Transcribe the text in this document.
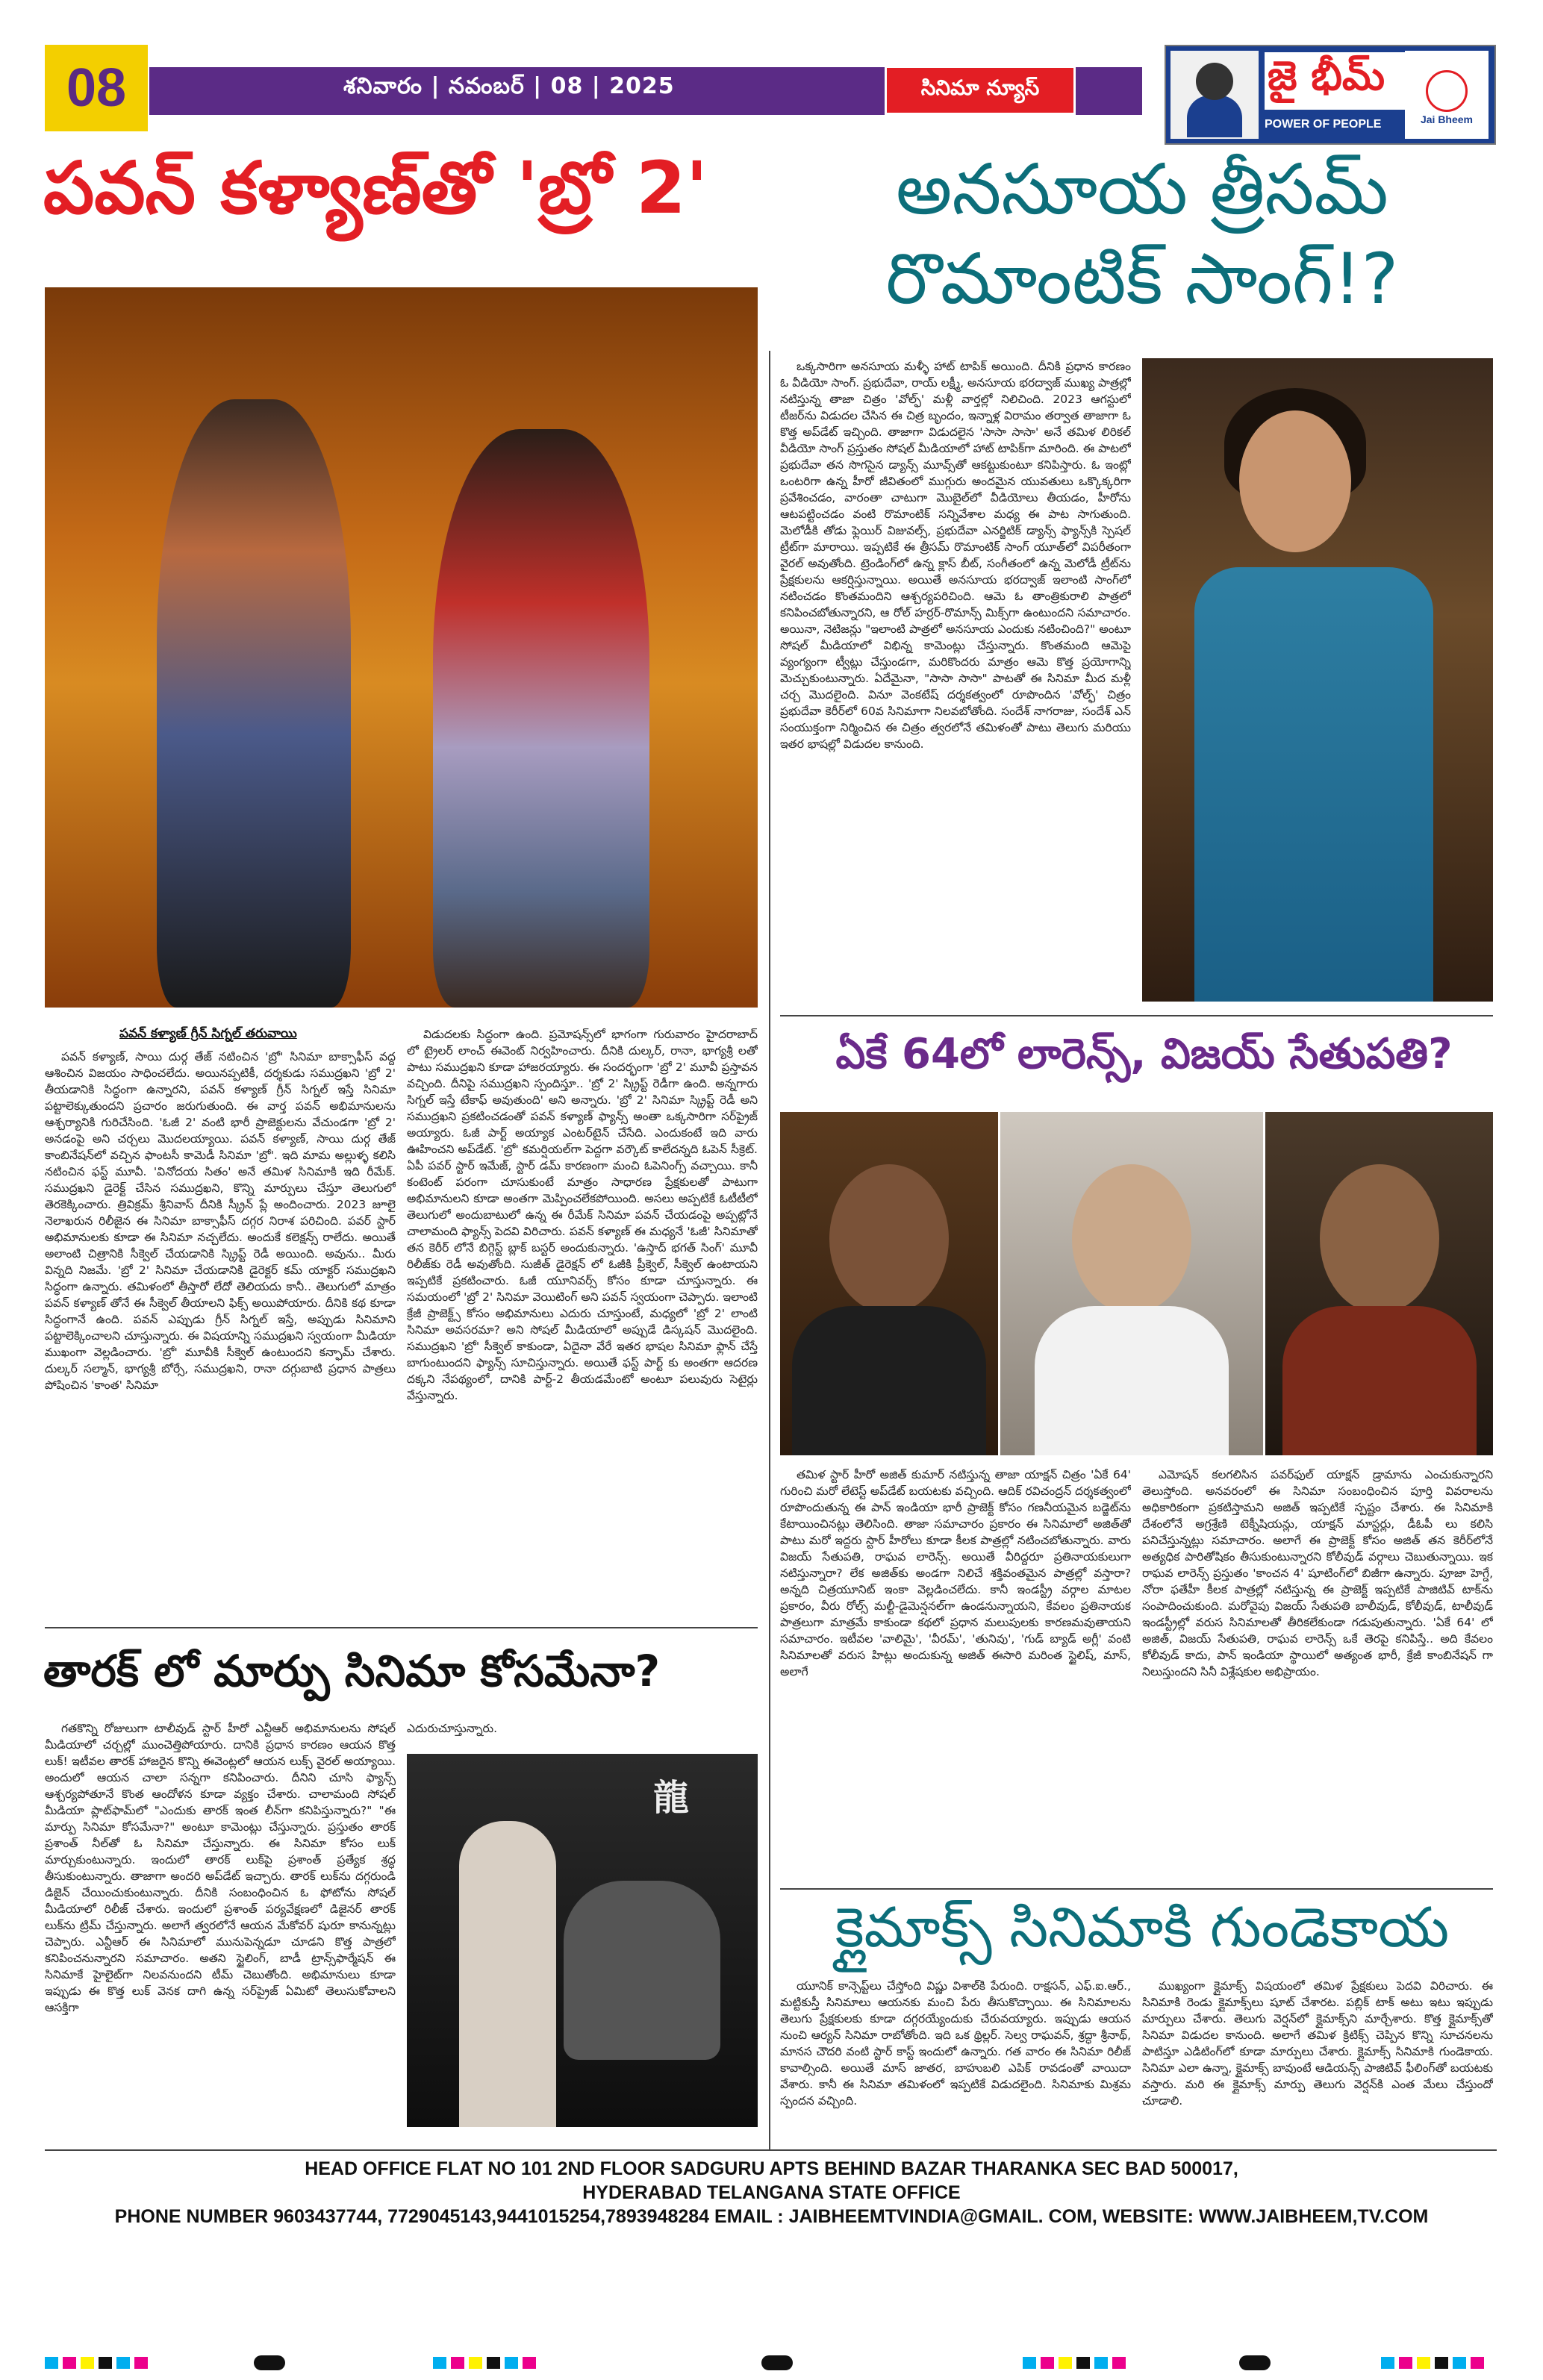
08	శనివారం | నవంబర్ | 08 | 2025	సినిమా న్యూస్	జై భీమ్
POWER OF PEOPLE	Jai Bheem
పవన్ కళ్యాణ్‌తో 'బ్రో 2'	అనసూయ త్రీసమ్
రొమాంటిక్ సాంగ్!?
ఏకే 64లో లారెన్స్, విజయ్ సేతుపతి?
తారక్ లో మార్పు సినిమా కోసమేనా?
క్లైమాక్స్ సినిమాకి గుండెకాయ
龍
పవన్ కళ్యాణ్ గ్రీన్ సిగ్నల్ తరువాయి

పవన్ కళ్యాణ్, సాయి దుర్గ తేజ్ నటించిన 'బ్రో' సినిమా బాక్సాఫీస్ వద్ద ఆశించిన విజయం సాధించలేదు. అయినప్పటికీ, దర్శకుడు సముద్రఖని 'బ్రో 2' తీయడానికి సిద్ధంగా ఉన్నారని, పవన్ కళ్యాణ్ గ్రీన్ సిగ్నల్ ఇస్తే సినిమా పట్టాలెక్కుతుందని ప్రచారం జరుగుతుంది. ఈ వార్త పవన్ అభిమానులను ఆశ్చర్యానికి గురిచేసింది. 'ఓజీ 2' వంటి భారీ ప్రాజెక్టులను వేచుండగా 'బ్రో 2' అనడంపై అని చర్చలు మొదలయ్యాయి. పవన్ కళ్యాణ్, సాయి దుర్గ తేజ్ కాంబినేషన్‌లో వచ్చిన ఫాంటసీ కామెడీ సినిమా 'బ్రో'. ఇది మామ అల్లుళ్ళ కలిసి నటించిన ఫస్ట్ మూవీ. 'వినోదయ సితం' అనే తమిళ సినిమాకి ఇది రీమేక్. సముద్రఖని డైరెక్ట్ చేసిన సముద్రఖని, కొన్ని మార్పులు చేస్తూ తెలుగులో తెరకెక్కించారు. త్రివిక్రమ్ శ్రీనివాస్ దీనికి స్క్రీన్ ప్లే అందించారు. 2023 జూలై నెలాఖరున రిలీజైన ఈ సినిమా బాక్సాఫీస్ దగ్గర నిరాశ పరిచింది. పవర్ స్టార్ అభిమానులకు కూడా ఈ సినిమా నచ్చలేదు. అందుకే కలెక్షన్స్ రాలేదు. అయితే అలాంటి చిత్రానికి సీక్వెల్ చేయడానికి స్క్రిప్ట్ రెడీ అయింది. అవును.. మీరు విన్నది నిజమే. 'బ్రో 2' సినిమా చేయడానికి డైరెక్టర్ కమ్ యాక్టర్ సముద్రఖని సిద్ధంగా ఉన్నారు. తమిళంలో తీస్తారో లేదో తెలియదు కానీ.. తెలుగులో మాత్రం పవన్ కళ్యాణ్ తోనే ఈ సీక్వెల్ తీయాలని ఫిక్స్ అయిపోయారు. దీనికి కథ కూడా సిద్ధంగానే ఉంది. పవన్ ఎప్పుడు గ్రీన్ సిగ్నల్ ఇస్తే, అప్పుడు సినిమాని పట్టాలెక్కించాలని చూస్తున్నారు. ఈ విషయాన్ని సముద్రఖని స్వయంగా మీడియా ముఖంగా వెల్లడించారు. 'బ్రో' మూవీకి సీక్వెల్ ఉంటుందని కన్ఫామ్ చేశారు. దుల్కర్ సల్మాన్, భాగ్యశ్రీ బోర్సే, సముద్రఖని, రానా దగ్గుబాటి ప్రధాన పాత్రలు పోషించిన 'కాంత' సినిమా

విడుదలకు సిద్ధంగా ఉంది. ప్రమోషన్స్‌లో భాగంగా గురువారం హైదరాబాద్ లో ట్రైలర్ లాంచ్ ఈవెంట్ నిర్వహించారు. దీనికి దుల్కర్, రానా, భాగ్యశ్రీ లతో పాటు సముద్రఖని కూడా హాజరయ్యారు. ఈ సందర్భంగా 'బ్రో 2' మూవీ ప్రస్తావన వచ్చింది. దీనిపై సముద్రఖని స్పందిస్తూ.. 'బ్రో 2' స్క్రిప్ట్ రెడీగా ఉంది. అన్నగారు సిగ్నల్ ఇస్తే టేకాఫ్ అవుతుంది' అని అన్నారు. 'బ్రో 2' సినిమా స్క్రిప్ట్ రెడీ అని సముద్రఖని ప్రకటించడంతో పవన్ కళ్యాణ్ ఫ్యాన్స్ అంతా ఒక్కసారిగా సర్‌ప్రైజ్ అయ్యారు. ఓజీ పార్ట్ అయ్యాక ఎంటర్‌టైన్ చేసేది. ఎందుకంటే ఇది వారు ఊహించని అప్‌డేట్. 'బ్రో' కమర్షియల్‌గా పెద్దగా వర్కౌట్ కాలేదన్నది ఓపెన్ సీక్రెట్. ఏపీ పవర్ స్టార్ ఇమేజ్, స్టార్ డమ్ కారణంగా మంచి ఓపెనింగ్స్ వచ్చాయి. కానీ కంటెంట్ పరంగా చూసుకుంటే మాత్రం సాధారణ ప్రేక్షకులతో పాటుగా అభిమానులని కూడా అంతగా మెప్పించలేకపోయింది. అసలు అప్పటికే ఓటీటీలో తెలుగులో అందుబాటులో ఉన్న ఈ రీమేక్ సినిమా పవన్ చేయడంపై అప్పట్లోనే చాలామంది ఫ్యాన్స్ పెదవి విరిచారు. పవన్ కళ్యాణ్ ఈ మధ్యనే 'ఓజీ' సినిమాతో తన కెరీర్ లోనే బిగ్గెస్ట్ బ్లాక్ బస్టర్ అందుకున్నారు. 'ఉస్తాద్ భగత్ సింగ్' మూవీ రిలీజ్‌కు రెడీ అవుతోంది. సుజీత్ డైరెక్షన్ లో ఓజీకి ప్రీక్వెల్, సీక్వెల్ ఉంటాయని ఇప్పటికే ప్రకటించారు. ఓజీ యూనివర్స్ కోసం కూడా చూస్తున్నారు. ఈ సమయంలో 'బ్రో 2' సినిమా వెయిటింగ్ అని పవన్ స్వయంగా చెప్పారు. ఇలాంటి క్రేజీ ప్రాజెక్ట్స్ కోసం అభిమానులు ఎదురు చూస్తుంటే, మధ్యలో 'బ్రో 2' లాంటి సినిమా అవసరమా? అని సోషల్ మీడియాలో అప్పుడే డిస్కషన్ మొదలైంది. సముద్రఖని 'బ్రో' సీక్వెల్ కాకుండా, ఏదైనా వేరే ఇతర భాషల సినిమా ఫ్లాన్ చేస్తే బాగుంటుందని ఫ్యాన్స్ సూచిస్తున్నారు. అయితే ఫస్ట్ పార్ట్ కు అంతగా ఆదరణ దక్కని నేపథ్యంలో, దానికి పార్ట్-2 తీయడమేంటో అంటూ పలువురు సెటైర్లు వేస్తున్నారు.

ఒక్కసారిగా అనసూయ మళ్ళీ హాట్ టాపిక్ అయింది. దీనికి ప్రధాన కారణం ఓ వీడియో సాంగ్. ప్రభుదేవా, రాయ్ లక్ష్మీ, అనసూయ భరద్వాజ్ ముఖ్య పాత్రల్లో నటిస్తున్న తాజా చిత్రం 'వోల్ఫ్' మళ్లీ వార్తల్లో నిలిచింది. 2023 ఆగస్టులో టీజర్‌ను విడుదల చేసిన ఈ చిత్ర బృందం, ఇన్నాళ్ల విరామం తర్వాత తాజాగా ఓ కొత్త అప్‌డేట్ ఇచ్చింది. తాజాగా విడుదలైన 'సాసా సాసా' అనే తమిళ లిరికల్ వీడియో సాంగ్ ప్రస్తుతం సోషల్ మీడియాలో హాట్ టాపిక్‌గా మారింది. ఈ పాటలో ప్రభుదేవా తన సొగసైన డ్యాన్స్ మూవ్స్‌తో ఆకట్టుకుంటూ కనిపిస్తారు. ఓ ఇంట్లో ఒంటరిగా ఉన్న హీరో జీవితంలో ముగ్గురు అందమైన యువతులు ఒక్కొక్కరిగా ప్రవేశించడం, వారంతా చాటుగా మొబైల్‌లో వీడియోలు తీయడం, హీరోను ఆటపట్టించడం వంటి రొమాంటిక్ సన్నివేశాల మధ్య ఈ పాట సాగుతుంది. మెలోడీకి తోడు ఫ్లెయిర్ విజువల్స్, ప్రభుదేవా ఎనర్జిటిక్ డ్యాన్స్ ఫ్యాన్స్‌కి స్పెషల్ ట్రీట్‌గా మారాయి. ఇప్పటికే ఈ త్రీసమ్ రొమాంటిక్ సాంగ్ యూత్‌లో విపరీతంగా వైరల్ అవుతోంది. ట్రెండింగ్‌లో ఉన్న క్లాస్ బీట్, సంగీతంలో ఉన్న మెలోడీ ట్రీట్‌ను ప్రేక్షకులను ఆకర్షిస్తున్నాయి. అయితే అనసూయ భరద్వాజ్ ఇలాంటి సాంగ్‌లో నటించడం కొంతమందిని ఆశ్చర్యపరిచింది. ఆమె ఓ తాంత్రికురాలి పాత్రలో కనిపించబోతున్నారని, ఆ రోల్ హర్రర్‌-రొమాన్స్ మిక్స్‌గా ఉంటుందని సమాచారం. అయినా, నెటిజన్లు "ఇలాంటి పాత్రలో అనసూయ ఎందుకు నటించింది?" అంటూ సోషల్ మీడియాలో విభిన్న కామెంట్లు చేస్తున్నారు. కొంతమంది ఆమెపై వ్యంగ్యంగా ట్వీట్లు చేస్తుండగా, మరికొందరు మాత్రం ఆమె కొత్త ప్రయోగాన్ని మెచ్చుకుంటున్నారు. ఏదేమైనా, "సాసా సాసా" పాటతో ఈ సినిమా మీద మళ్లీ చర్చ మొదలైంది. వినూ వెంకటేష్ దర్శకత్వంలో రూపొందిన 'వోల్ఫ్' చిత్రం ప్రభుదేవా కెరీర్‌లో 60వ సినిమాగా నిలవబోతోంది. సందేశ్ నాగరాజు, సందేశ్ ఎన్ సంయుక్తంగా నిర్మించిన ఈ చిత్రం త్వరలోనే తమిళంతో పాటు తెలుగు మరియు ఇతర భాషల్లో విడుదల కానుంది.

తమిళ స్టార్ హీరో అజిత్ కుమార్ నటిస్తున్న తాజా యాక్షన్ చిత్రం 'ఏకే 64' గురించి మరో లేటెస్ట్ అప్‌డేట్ బయటకు వచ్చింది. ఆదిక్ రవిచంద్రన్ దర్శకత్వంలో రూపొందుతున్న ఈ పాన్ ఇండియా భారీ ప్రాజెక్ట్ కోసం గణనీయమైన బడ్జెట్‌ను కేటాయించినట్లు తెలిసింది. తాజా సమాచారం ప్రకారం ఈ సినిమాలో అజిత్‌తో పాటు మరో ఇద్దరు స్టార్ హీరోలు కూడా కీలక పాత్రల్లో నటించబోతున్నారు. వారు విజయ్ సేతుపతి, రాఘవ లారెన్స్. అయితే వీరిద్దరూ ప్రతినాయకులుగా నటిస్తున్నారా? లేక అజిత్‌కు అండగా నిలిచే శక్తివంతమైన పాత్రల్లో వస్తారా? అన్నది చిత్రయూనిట్ ఇంకా వెల్లడించలేదు. కానీ ఇండస్ట్రీ వర్గాల మాటల ప్రకారం, వీరు రోల్స్ మల్టీ-డైమెన్షనల్‌గా ఉండనున్నాయని, కేవలం ప్రతినాయక పాత్రలుగా మాత్రమే కాకుండా కథలో ప్రధాన మలుపులకు కారణమవుతాయని సమాచారం. ఇటీవల 'వాలిమై', 'వీరమ్', 'తునివు', 'గుడ్ బ్యాడ్ అగ్లీ' వంటి సినిమాలతో వరుస హిట్లు అందుకున్న అజిత్ ఈసారి మరింత స్టైలిష్, మాస్, అలాగే

ఎమోషన్ కలగలిసిన పవర్‌ఫుల్ యాక్షన్ డ్రామాను ఎంచుకున్నారని తెలుస్తోంది. అనవరంలో ఈ సినిమా సంబంధించిన పూర్తి వివరాలను అధికారికంగా ప్రకటిస్తామని అజిత్ ఇప్పటికే స్పష్టం చేశారు. ఈ సినిమాకి దేశంలోనే అగ్రశ్రేణి టెక్నీషియన్లు, యాక్షన్ మాస్టర్లు, డీఓపీ లు కలిసి పనిచేస్తున్నట్లు సమాచారం. అలాగే ఈ ప్రాజెక్ట్ కోసం అజిత్ తన కెరీర్‌లోనే అత్యధిక పారితోషికం తీసుకుంటున్నారని కోలీవుడ్ వర్గాలు చెబుతున్నాయి. ఇక రాఘవ లారెన్స్ ప్రస్తుతం 'కాంచన 4' షూటింగ్‌లో బిజీగా ఉన్నారు. పూజా హెగ్డే, నోరా ఫతేహీ కీలక పాత్రల్లో నటిస్తున్న ఈ ప్రాజెక్ట్ ఇప్పటికే పాజిటివ్ టాక్‌ను సంపాదించుకుంది. మరోవైపు విజయ్ సేతుపతి బాలీవుడ్, కోలీవుడ్, టాలీవుడ్ ఇండస్ట్రీల్లో వరుస సినిమాలతో తీరికలేకుండా గడుపుతున్నారు. 'ఏకే 64' లో అజిత్, విజయ్ సేతుపతి, రాఘవ లారెన్స్ ఒకే తెరపై కనిపిస్తే.. అది కేవలం కోలీవుడ్ కాదు, పాన్ ఇండియా స్థాయిలో అత్యంత భారీ, క్రేజీ కాంబినేషన్ గా నిలుస్తుందని సినీ విశ్లేషకుల అభిప్రాయం.

గతకొన్ని రోజులుగా టాలీవుడ్ స్టార్ హీరో ఎన్టీఆర్ అభిమానులను సోషల్ మీడియాలో చర్చల్లో ముంచెత్తిపోయారు. దానికి ప్రధాన కారణం ఆయన కొత్త లుక్! ఇటీవల తారక్ హాజరైన కొన్ని ఈవెంట్లలో ఆయన లుక్స్ వైరల్ అయ్యాయి. అందులో ఆయన చాలా సన్నగా కనిపించారు. దీనిని చూసి ఫ్యాన్స్ ఆశ్చర్యపోతూనే కొంత ఆందోళన కూడా వ్యక్తం చేశారు. చాలామంది సోషల్ మీడియా ప్లాట్‌ఫామ్‌లో "ఎందుకు తారక్ ఇంత లీన్‌గా కనిపిస్తున్నారు?" "ఈ మార్పు సినిమా కోసమేనా?" అంటూ కామెంట్లు చేస్తున్నారు. ప్రస్తుతం తారక్ ప్రశాంత్ నీల్‌తో ఓ సినిమా చేస్తున్నారు. ఈ సినిమా కోసం లుక్ మార్చుకుంటున్నారు. ఇందులో తారక్ లుక్‌పై ప్రశాంత్ ప్రత్యేక శ్రద్ధ తీసుకుంటున్నారు. తాజాగా అందరి అప్‌డేట్ ఇచ్చారు. తారక్ లుక్‌ను దగ్గరుండి డిజైన్ చేయించుకుంటున్నారు. దీనికి సంబంధించిన ఓ ఫోటోను సోషల్ మీడియాలో రిలీజ్ చేశారు. ఇందులో ప్రశాంత్ పర్యవేక్షణలో డిజైనర్ తారక్ లుక్‌ను ట్రిమ్ చేస్తున్నారు. అలాగే త్వరలోనే ఆయన మేకోవర్ షురూ కానున్నట్లు చెప్పారు. ఎన్టీఆర్ ఈ సినిమాలో మునుపెన్నడూ చూడని కొత్త పాత్రలో కనిపించనున్నారని సమాచారం. అతని స్టైలింగ్, బాడీ ట్రాన్స్‌ఫార్మేషన్ ఈ సినిమాకే హైలైట్‌గా నిలవనుందని టీమ్ చెబుతోంది. అభిమానులు కూడా ఇప్పుడు ఈ కొత్త లుక్ వెనక దాగి ఉన్న సర్‌ప్రైజ్ ఏమిటో తెలుసుకోవాలని ఆసక్తిగా

ఎదురుచూస్తున్నారు.

యూనిక్ కాన్సెప్ట్‌లు చేస్తోంది విష్ణు విశాల్‌కి పేరుంది. రాక్షసన్, ఎఫ్.ఐ.ఆర్., మట్టికుస్తీ సినిమాలు ఆయనకు మంచి పేరు తీసుకొచ్చాయి. ఈ సినిమాలను తెలుగు ప్రేక్షకులకు కూడా దగ్గరయ్యేందుకు చేరువయ్యారు. ఇప్పుడు ఆయన నుంచి ఆర్యన్ సినిమా రాబోతోంది. ఇది ఒక థ్రిల్లర్. సెల్వ రాఘవన్, శ్రద్ధా శ్రీనాథ్, మానస చౌదరి వంటి స్టార్ కాస్ట్ ఇందులో ఉన్నారు. గత వారం ఈ సినిమా రిలీజ్ కావాల్సింది. అయితే మాస్ జాతర, బాహుబలి ఎపిక్ రావడంతో వాయిదా వేశారు. కానీ ఈ సినిమా తమిళంలో ఇప్పటికే విడుదలైంది. సినిమాకు మిశ్రమ స్పందన వచ్చింది.

ముఖ్యంగా క్లైమాక్స్ విషయంలో తమిళ ప్రేక్షకులు పెదవి విరిచారు. ఈ సినిమాకి రెండు క్లైమాక్స్‌లు షూట్ చేశారట. పబ్లిక్ టాక్ అటు ఇటు ఇప్పుడు మార్పులు చేశారు. తెలుగు వెర్షన్‌లో క్లైమాక్స్‌ని మార్చేశారు. కొత్త క్లైమాక్స్‌తో సినిమా విడుదల కానుంది. అలాగే తమిళ క్రిటిక్స్ చెప్పిన కొన్ని సూచనలను పాటిస్తూ ఎడిటింగ్‌లో కూడా మార్పులు చేశారు. క్లైమాక్స్ సినిమాకి గుండెకాయ. సినిమా ఎలా ఉన్నా, క్లైమాక్స్ బావుంటే ఆడియన్స్ పాజిటివ్ ఫీలింగ్‌తో బయటకు వస్తారు. మరి ఈ క్లైమాక్స్ మార్పు తెలుగు వెర్షన్‌కి ఎంత మేలు చేస్తుందో చూడాలి.

HEAD OFFICE FLAT NO 101 2ND FLOOR SADGURU APTS BEHIND BAZAR THARANKA SEC BAD 500017,
HYDERABAD TELANGANA STATE OFFICE
PHONE NUMBER 9603437744, 7729045143,9441015254,7893948284 EMAIL : JAIBHEEMTVINDIA@GMAIL. COM, WEBSITE: WWW.JAIBHEEM,TV.COM
